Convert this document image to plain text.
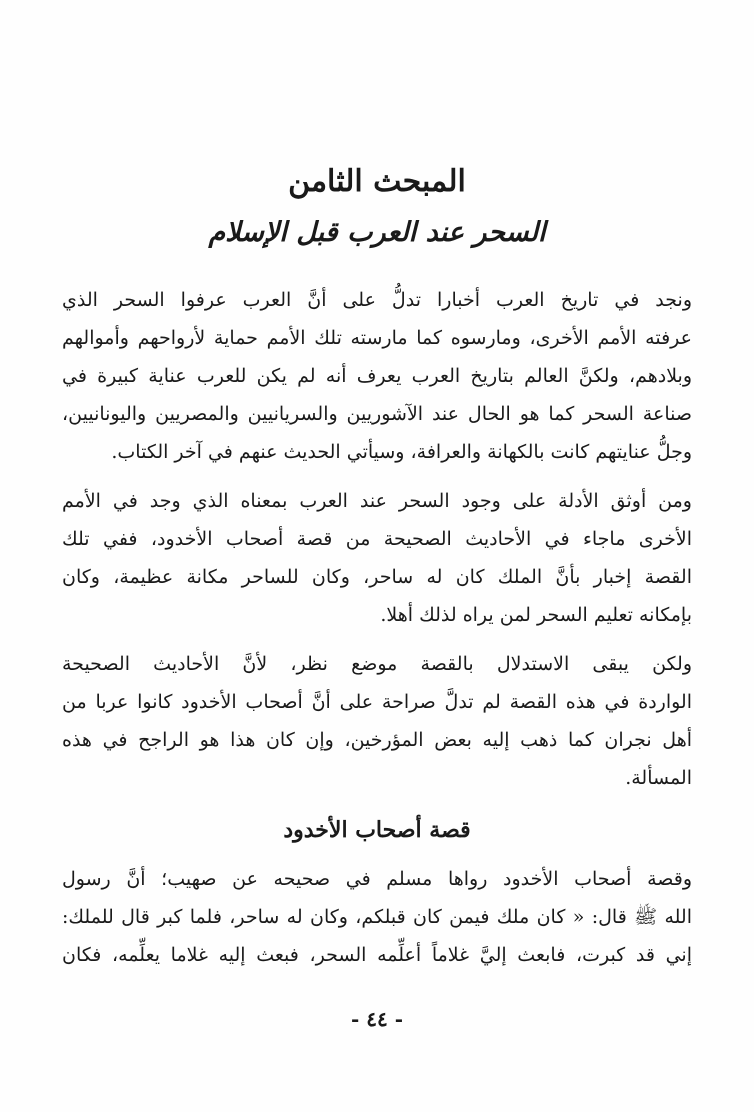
المبحث الثامن
السحر عند العرب قبل الإسلام
ونجد في تاريخ العرب أخبارا تدلُّ على أنَّ العرب عرفوا السحر الذي
عرفته الأمم الأخرى، ومارسوه كما مارسته تلك الأمم حماية لأرواحهم وأموالهم
وبلادهم، ولكنَّ العالم بتاريخ العرب يعرف أنه لم يكن للعرب عناية كبيرة في
صناعة السحر كما هو الحال عند الآشوريين والسريانيين والمصريين واليونانيين،
وجلُّ عنايتهم كانت بالكهانة والعرافة، وسيأتي الحديث عنهم في آخر الكتاب.
ومن أوثق الأدلة على وجود السحر عند العرب بمعناه الذي وجد في الأمم
الأخرى ماجاء في الأحاديث الصحيحة من قصة أصحاب الأخدود، ففي تلك
القصة إخبار بأنَّ الملك كان له ساحر، وكان للساحر مكانة عظيمة، وكان
بإمكانه تعليم السحر لمن يراه لذلك أهلا.
ولكن يبقى الاستدلال بالقصة موضع نظر، لأنَّ الأحاديث الصحيحة
الواردة في هذه القصة لم تدلَّ صراحة على أنَّ أصحاب الأخدود كانوا عربا من
أهل نجران كما ذهب إليه بعض المؤرخين، وإن كان هذا هو الراجح في هذه
المسألة.
قصة أصحاب الأخدود
وقصة أصحاب الأخدود رواها مسلم في صحيحه عن صهيب؛ أنَّ رسول
الله ﷺ قال: « كان ملك فيمن كان قبلكم، وكان له ساحر، فلما كبر قال للملك:
إني قد كبرت، فابعث إليَّ غلاماً أعلِّمه السحر، فبعث إليه غلاما يعلِّمه، فكان
- ٤٤ -
